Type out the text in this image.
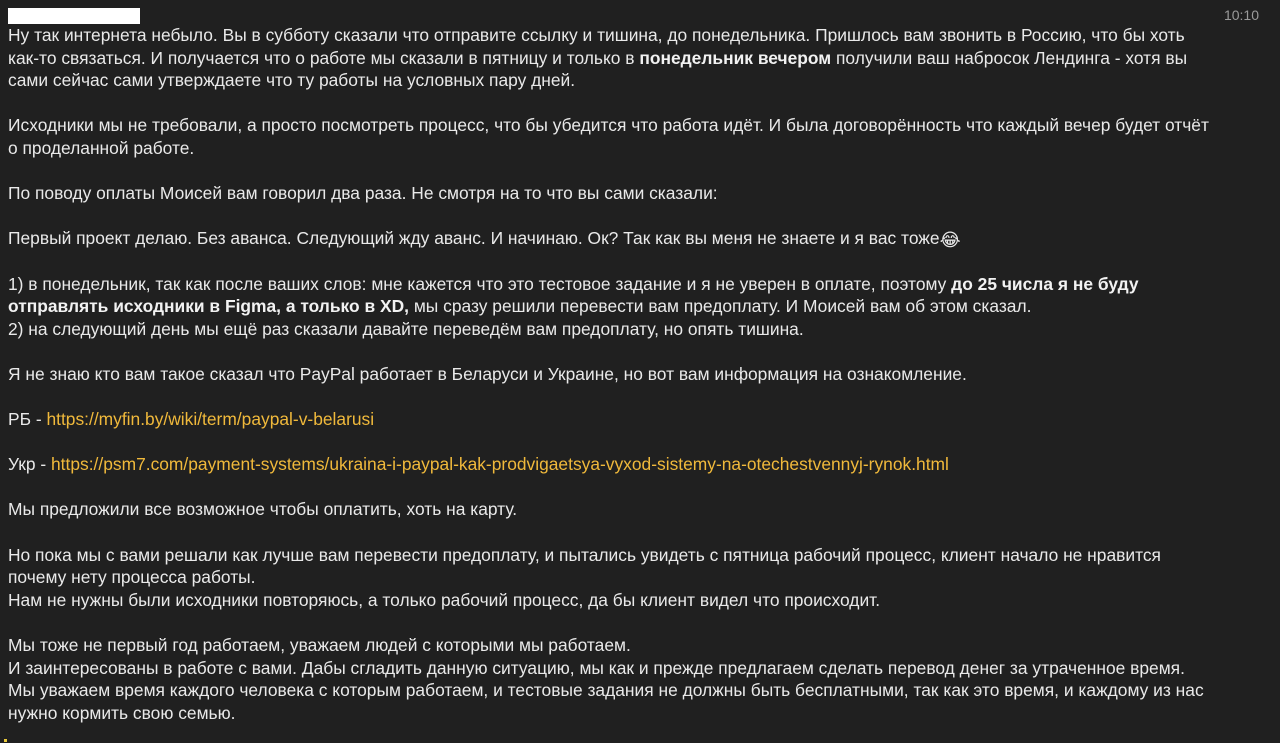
10:10

Ну так интернета небыло. Вы в субботу сказали что отправите ссылку и тишина, до понедельника. Пришлось вам звонить в Россию, что бы хоть как-то связаться. И получается что о работе мы сказали в пятницу и только в понедельник вечером получили ваш набросок Лендинга - хотя вы сами сейчас сами утверждаете что ту работы на условных пару дней.

Исходники мы не требовали, а просто посмотреть процесс, что бы убедится что работа идёт. И была договорённость что каждый вечер будет отчёт о проделанной работе.

По поводу оплаты Моисей вам говорил два раза. Не смотря на то что вы сами сказали:

Первый проект делаю. Без аванса. Следующий жду аванс. И начинаю. Ок? Так как вы меня не знаете и я вас тоже😂

1) в понедельник, так как после ваших слов: мне кажется что это тестовое задание и я не уверен в оплате, поэтому до 25 числа я не буду отправлять исходники в Figma, а только в XD, мы сразу решили перевести вам предоплату. И Моисей вам об этом сказал.

2) на следующий день мы ещё раз сказали давайте переведём вам предоплату, но опять тишина.

Я не знаю кто вам такое сказал что PayPal работает в Беларуси и Украине, но вот вам информация на ознакомление.

РБ - https://myfin.by/wiki/term/paypal-v-belarusi

Укр - https://psm7.com/payment-systems/ukraina-i-paypal-kak-prodvigaetsya-vyxod-sistemy-na-otechestvennyj-rynok.html

Мы предложили все возможное чтобы оплатить, хоть на карту.

Но пока мы с вами решали как лучше вам перевести предоплату, и пытались увидеть с пятница рабочий процесс, клиент начало не нравится почему нету процесса работы.

Нам не нужны были исходники повторяюсь, а только рабочий процесс, да бы клиент видел что происходит.

Мы тоже не первый год работаем, уважаем людей с которыми мы работаем.

И заинтересованы в работе с вами. Дабы сгладить данную ситуацию, мы как и прежде предлагаем сделать перевод денег за утраченное время. Мы уважаем время каждого человека с которым работаем, и тестовые задания не должны быть бесплатными, так как это время, и каждому из нас нужно кормить свою семью.
